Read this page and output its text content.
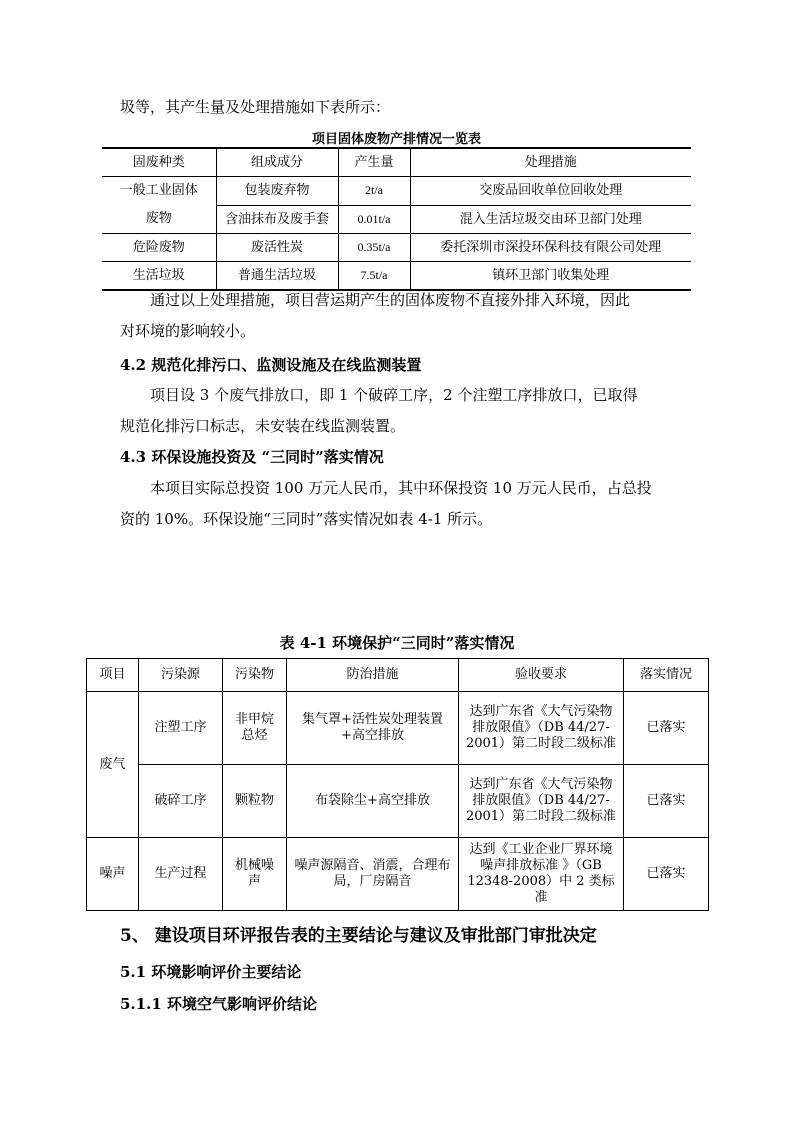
圾等，其产生量及处理措施如下表所示：
项目固体废物产排情况一览表
固废种类	组成成分	产生量	处理措施

一般工业固体
废物	包装废弃物	2t/a	交废品回收单位回收处理
	含油抹布及废手套	0.01t/a	混入生活垃圾交由环卫部门处理
危险废物	废活性炭	0.35t/a	委托深圳市深投环保科技有限公司处理
生活垃圾	普通生活垃圾	7.5t/a	镇环卫部门收集处理
通过以上处理措施，项目营运期产生的固体废物不直接外排入环境，因此
对环境的影响较小。
4.2 规范化排污口、监测设施及在线监测装置
项目设 3 个废气排放口，即 1 个破碎工序，2 个注塑工序排放口，已取得
规范化排污口标志，未安装在线监测装置。
4.3 环保设施投资及 “三同时”落实情况
本项目实际总投资 100 万元人民币，其中环保投资 10 万元人民币，占总投
资的 10%。环保设施“三同时”落实情况如表 4-1 所示。
表 4-1 环境保护“三同时”落实情况
项目	污染源	污染物	防治措施	验收要求	落实情况
废气	注塑工序	非甲烷总烃	集气罩+活性炭处理装置+高空排放	达到广东省《大气污染物排放限值》（DB 44/27-2001）第二时段二级标准	已落实
	破碎工序	颗粒物	布袋除尘+高空排放	达到广东省《大气污染物排放限值》（DB 44/27-2001）第二时段二级标准	已落实
噪声	生产过程	机械噪声	噪声源隔音、消震，合理布局，厂房隔音	达到《工业企业厂界环境噪声排放标准 》（GB 12348-2008）中 2 类标准	已落实
5、 建设项目环评报告表的主要结论与建议及审批部门审批决定
5.1 环境影响评价主要结论
5.1.1 环境空气影响评价结论
